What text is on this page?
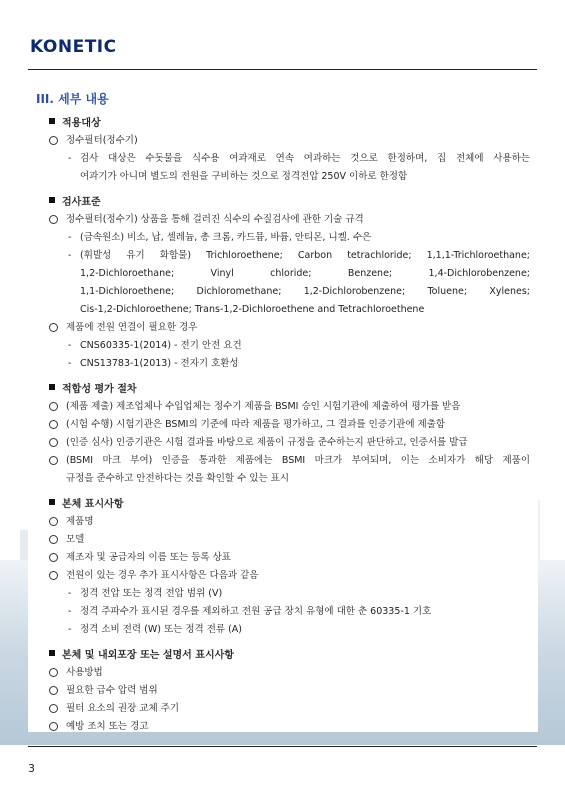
KONETIC
III. 세부 내용
적용대상
정수필터(정수기)
- 검사 대상은 수돗물을 식수용 여과재로 연속 여과하는 것으로 한정하며, 집 전체에 사용하는
여과기가 아니며 별도의 전원을 구비하는 것으로 정격전압 250V 이하로 한정함
검사표준
정수필터(정수기) 상품을 통해 걸러진 식수의 수질검사에 관한 기술 규격
- (금속원소) 비소, 납, 셀레늄, 총 크롬, 카드뮴, 바륨, 안티몬, 니켈. 수은
- (휘발성 유기 화합물) Trichloroethene; Carbon tetrachloride; 1,1,1-Trichloroethane;
1,2-Dichloroethane; Vinyl chloride; Benzene; 1,4-Dichlorobenzene;
1,1-Dichloroethene; Dichloromethane; 1,2-Dichlorobenzene; Toluene; Xylenes;
Cis-1,2-Dichloroethene; Trans-1,2-Dichloroethene and Tetrachloroethene
제품에 전원 연결이 필요한 경우
- CNS60335-1(2014) - 전기 안전 요건
- CNS13783-1(2013) - 전자기 호환성
적합성 평가 절차
(제품 제출) 제조업체나 수입업체는 정수기 제품을 BSMI 승인 시험기관에 제출하여 평가를 받음
(시험 수행) 시험기관은 BSMI의 기준에 따라 제품을 평가하고, 그 결과를 인증기관에 제출함
(인증 심사) 인증기관은 시험 결과를 바탕으로 제품이 규정을 준수하는지 판단하고, 인증서를 발급
(BSMI 마크 부여) 인증을 통과한 제품에는 BSMI 마크가 부여되며, 이는 소비자가 해당 제품이
규정을 준수하고 안전하다는 것을 확인할 수 있는 표시
본체 표시사항
제품명
모델
제조자 및 공급자의 이름 또는 등록 상표
전원이 있는 경우 추가 표시사항은 다음과 같음
- 정격 전압 또는 정격 전압 범위 (V)
- 정격 주파수가 표시된 경우를 제외하고 전원 공급 장치 유형에 대한 춘 60335-1 기호
- 정격 소비 전력 (W) 또는 정격 전류 (A)
본체 및 내외포장 또는 설명서 표시사항
사용방법
필요한 급수 압력 범위
필터 요소의 권장 교체 주기
예방 조치 또는 경고
3
